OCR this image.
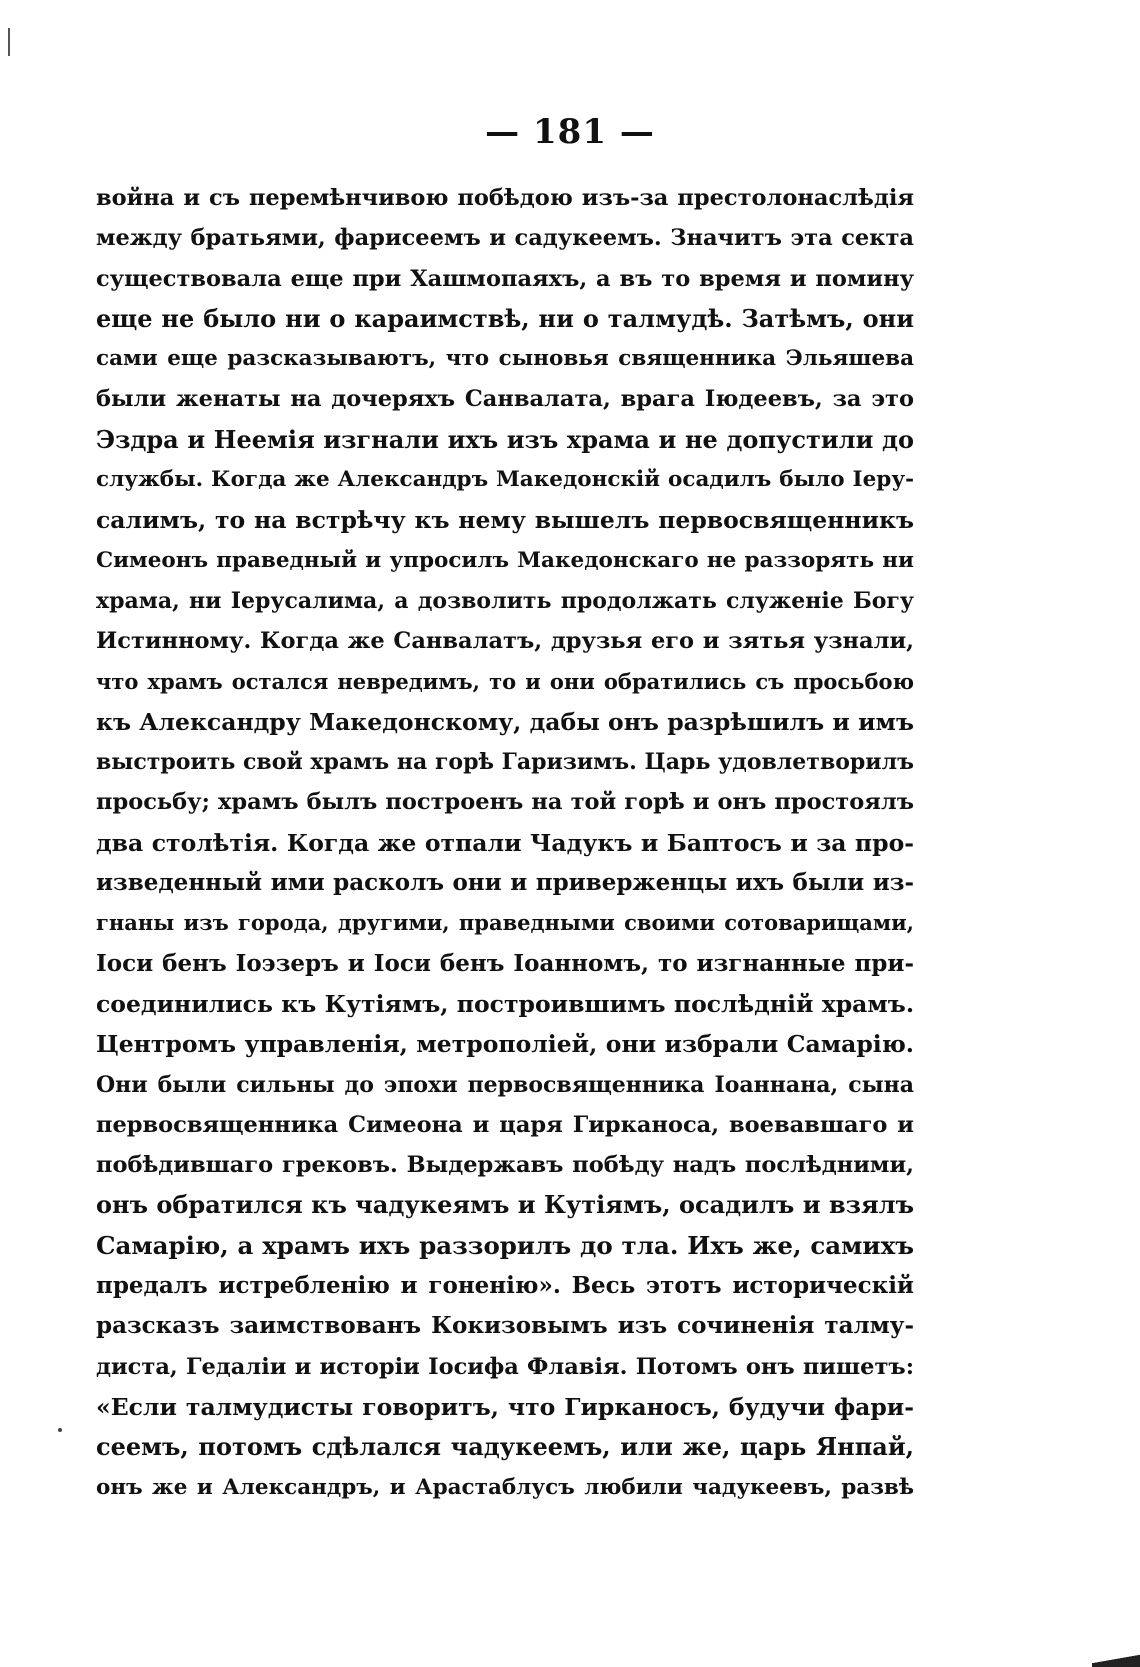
— 181 —
война и съ перемѣнчивою побѣдою изъ-за престолонаслѣдія
между братьями, фарисеемъ и садукеемъ. Значитъ эта секта
существовала еще при Хашмопаяхъ, а въ то время и помину
еще не было ни о караимствѣ, ни о талмудѣ. Затѣмъ, они
сами еще разсказываютъ, что сыновья священника Эльяшева
были женаты на дочеряхъ Санвалата, врага Іюдеевъ, за это
Эздра и Неемія изгнали ихъ изъ храма и не допустили до
службы. Когда же Александръ Македонскій осадилъ было Іеру-
салимъ, то на встрѣчу къ нему вышелъ первосвященникъ
Симеонъ праведный и упросилъ Македонскаго не раззорять ни
храма, ни Іерусалима, а дозволить продолжать служеніе Богу
Истинному. Когда же Санвалатъ, друзья его и зятья узнали,
что храмъ остался невредимъ, то и они обратились съ просьбою
къ Александру Македонскому, дабы онъ разрѣшилъ и имъ
выстроить свой храмъ на горѣ Гаризимъ. Царь удовлетворилъ
просьбу; храмъ былъ построенъ на той горѣ и онъ простоялъ
два столѣтія. Когда же отпали Чадукъ и Баптосъ и за про-
изведенный ими расколъ они и приверженцы ихъ были из-
гнаны изъ города, другими, праведными своими сотоварищами,
Іоси бенъ Іоэзеръ и Іоси бенъ Іоанномъ, то изгнанные при-
соединились къ Кутіямъ, построившимъ послѣдній храмъ.
Центромъ управленія, метрополіей, они избрали Самарію.
Они были сильны до эпохи первосвященника Іоаннана, сына
первосвященника Симеона и царя Гирканоса, воевавшаго и
побѣдившаго грековъ. Выдержавъ побѣду надъ послѣдними,
онъ обратился къ чадукеямъ и Кутіямъ, осадилъ и взялъ
Самарію, а храмъ ихъ раззорилъ до тла. Ихъ же, самихъ
предалъ истребленію и гоненію». Весь этотъ историческій
разсказъ заимствованъ Кокизовымъ изъ сочиненія талму-
диста, Гедаліи и исторіи Іосифа Флавія. Потомъ онъ пишетъ:
«Если талмудисты говоритъ, что Гирканосъ, будучи фари-
сеемъ, потомъ сдѣлался чадукеемъ, или же, царь Янпай,
онъ же и Александръ, и Арастаблусъ любили чадукеевъ, развѣ
